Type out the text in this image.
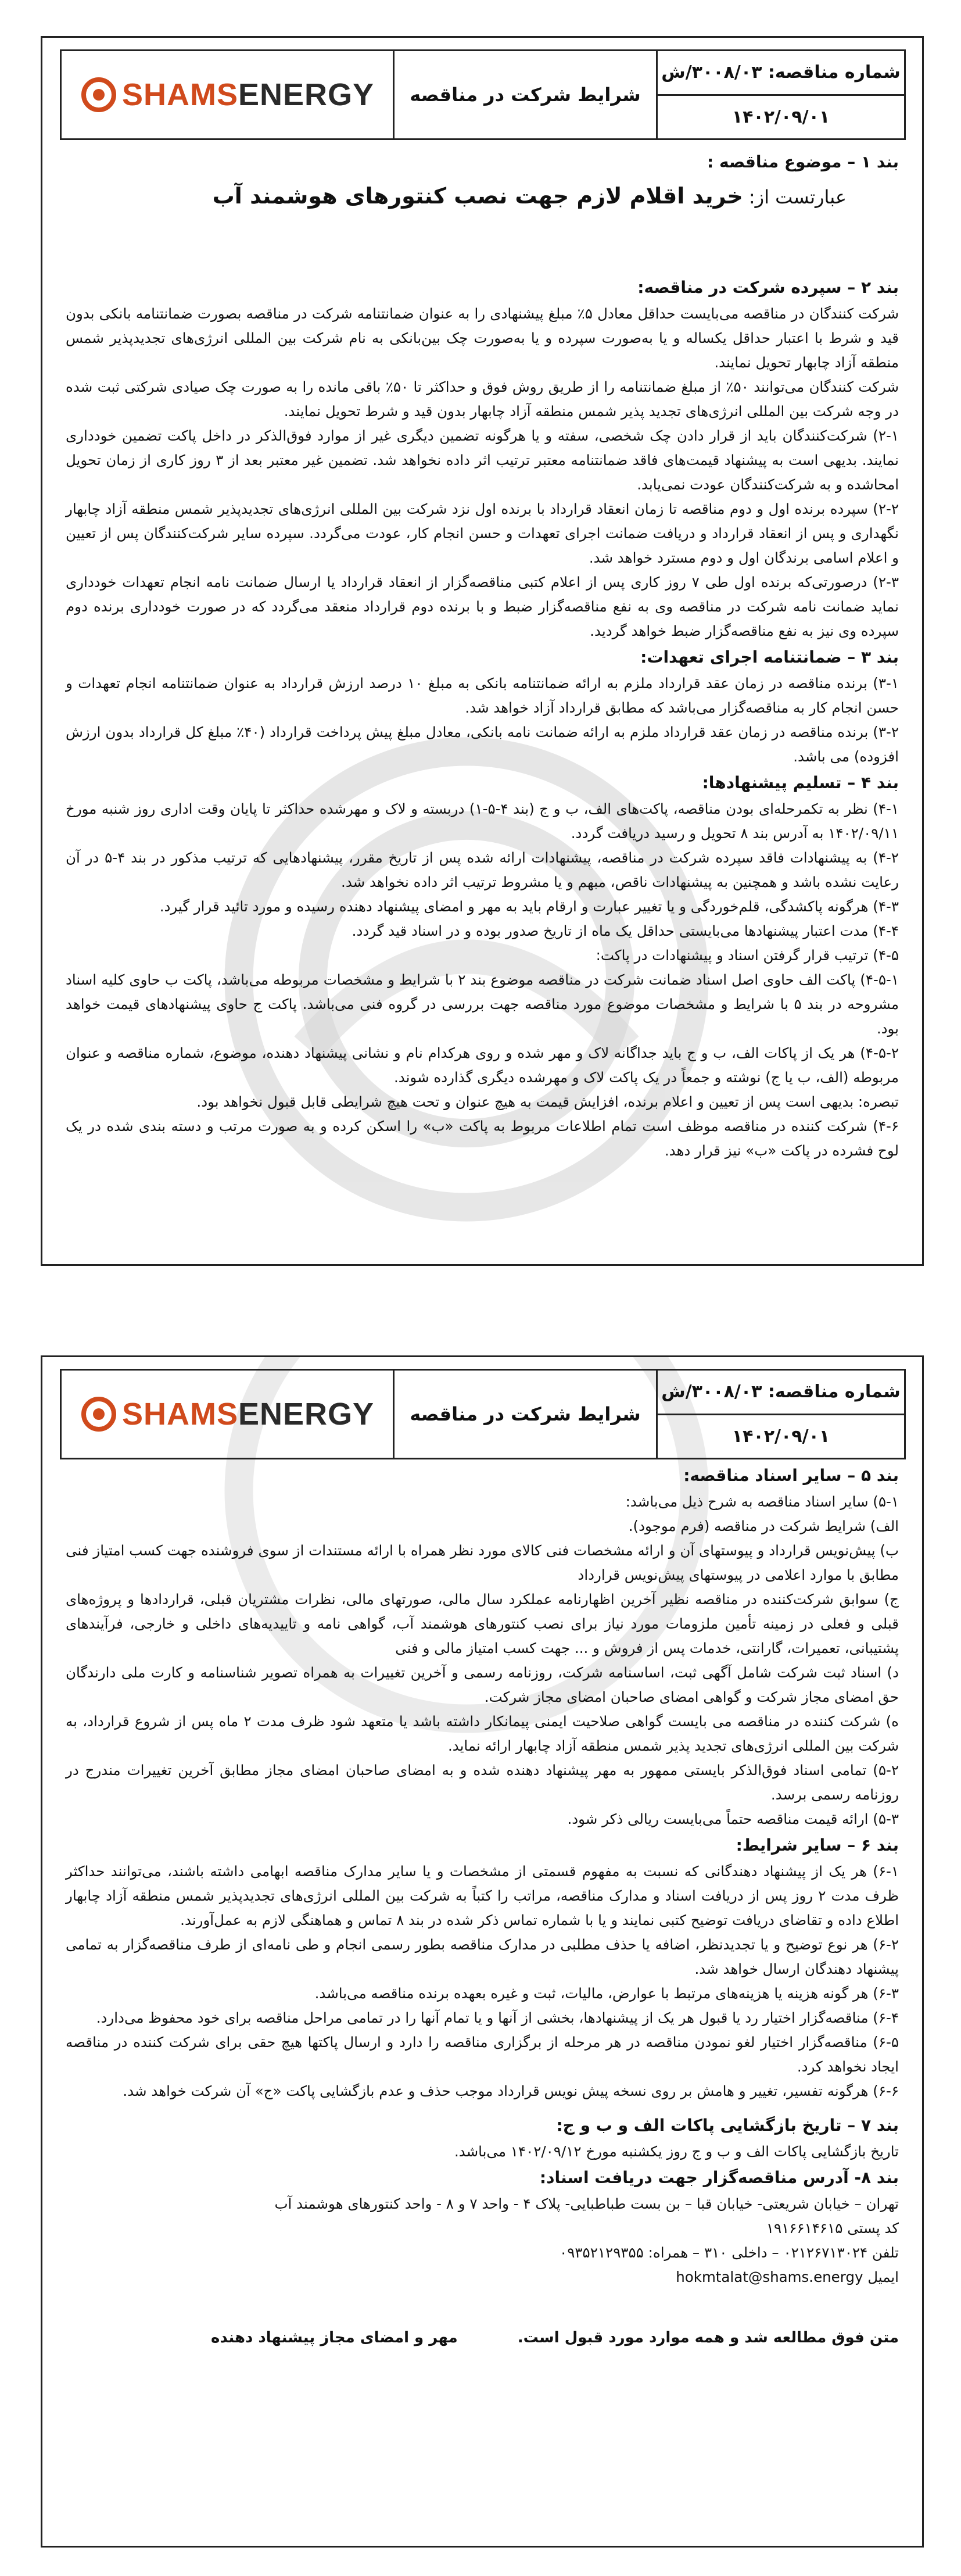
SHAMSENERGY	شرایط شرکت در مناقصه
شماره مناقصه: ۳۰۰۸/۰۳/ش
۱۴۰۲/۰۹/۰۱

بند ۱ – موضوع مناقصه :

عبارتست از: خرید اقلام لازم جهت نصب کنتورهای هوشمند آب

بند ۲ – سپرده شرکت در مناقصه:

شرکت کنندگان در مناقصه می‌بایست حداقل معادل ۵٪ مبلغ پیشنهادی را به عنوان ضمانتنامه شرکت در مناقصه بصورت ضمانتنامه بانکی بدون قید و شرط با اعتبار حداقل یکساله و یا به‌صورت سپرده و یا به‌صورت چک بین‌بانکی به نام شرکت بین المللی انرژی‌های تجدیدپذیر شمس منطقه آزاد چابهار تحویل نمایند.

شرکت کنندگان می‌توانند ۵۰٪ از مبلغ ضمانتنامه را از طریق روش فوق و حداکثر تا ۵۰٪ باقی مانده را به صورت چک صیادی شرکتی ثبت شده در وجه شرکت بین المللی انرژی‌های تجدید پذیر شمس منطقه آزاد چابهار بدون قید و شرط تحویل نمایند.

۲-۱) شرکت‌کنندگان باید از قرار دادن چک شخصی، سفته و یا هرگونه تضمین دیگری غیر از موارد فوق‌الذکر در داخل پاکت تضمین خودداری نمایند. بدیهی است به پیشنهاد قیمت‌های فاقد ضمانتنامه معتبر ترتیب اثر داده نخواهد شد. تضمین غیر معتبر بعد از ۳ روز کاری از زمان تحویل امحاشده و به شرکت‌کنندگان عودت نمی‌یابد.

۲-۲) سپرده برنده اول و دوم مناقصه تا زمان انعقاد قرارداد با برنده اول نزد شرکت بین المللی انرژی‌های تجدیدپذیر شمس منطقه آزاد چابهار نگهداری و پس از انعقاد قرارداد و دریافت ضمانت اجرای تعهدات و حسن انجام کار، عودت می‌گردد. سپرده سایر شرکت‌کنندگان پس از تعیین و اعلام اسامی برندگان اول و دوم مسترد خواهد شد.

۲-۳) درصورتی‌که برنده اول طی ۷ روز کاری پس از اعلام کتبی مناقصه‌گزار از انعقاد قرارداد یا ارسال ضمانت نامه انجام تعهدات خودداری نماید ضمانت نامه شرکت در مناقصه وی به نفع مناقصه‌گزار ضبط و با برنده دوم قرارداد منعقد می‌گردد که در صورت خودداری برنده دوم سپرده وی نیز به نفع مناقصه‌گزار ضبط خواهد گردید.

بند ۳ – ضمانتنامه اجرای تعهدات:

۳-۱) برنده مناقصه در زمان عقد قرارداد ملزم به ارائه ضمانتنامه بانکی به مبلغ ۱۰ درصد ارزش قرارداد به عنوان ضمانتنامه انجام تعهدات و حسن انجام کار به مناقصه‌گزار می‌باشد که مطابق قرارداد آزاد خواهد شد.

۳-۲) برنده مناقصه در زمان عقد قرارداد ملزم به ارائه ضمانت نامه بانکی، معادل مبلغ پیش پرداخت قرارداد (۴۰٪ مبلغ کل قرارداد بدون ارزش افزوده) می باشد.

بند ۴ – تسلیم پیشنهادها:

۴-۱) نظر به تکمرحله‌ای بودن مناقصه، پاکت‌های الف، ب و ج (بند ۴-۵-۱) دربسته و لاک و مهرشده حداکثر تا پایان وقت اداری روز شنبه مورخ ۱۴۰۲/۰۹/۱۱ به آدرس بند ۸ تحویل و رسید دریافت گردد.

۴-۲) به پیشنهادات فاقد سپرده شرکت در مناقصه، پیشنهادات ارائه شده پس از تاریخ مقرر، پیشنهادهایی که ترتیب مذکور در بند ۴-۵ در آن رعایت نشده باشد و همچنین به پیشنهادات ناقص، مبهم و یا مشروط ترتیب اثر داده نخواهد شد.

۴-۳) هرگونه پاکشدگی، قلم‌خوردگی و یا تغییر عبارت و ارقام باید به مهر و امضای پیشنهاد دهنده رسیده و مورد تائید قرار گیرد.

۴-۴) مدت اعتبار پیشنهادها می‌بایستی حداقل یک ماه از تاریخ صدور بوده و در اسناد قید گردد.

۴-۵) ترتیب قرار گرفتن اسناد و پیشنهادات در پاکت:

۴-۵-۱) پاکت الف حاوی اصل اسناد ضمانت شرکت در مناقصه موضوع بند ۲ با شرایط و مشخصات مربوطه می‌باشد، پاکت ب حاوی کلیه اسناد مشروحه در بند ۵ با شرایط و مشخصات موضوع مورد مناقصه جهت بررسی در گروه فنی می‌باشد. پاکت ج حاوی پیشنهادهای قیمت خواهد بود.

۴-۵-۲) هر یک از پاکات الف، ب و ج باید جداگانه لاک و مهر شده و روی هرکدام نام و نشانی پیشنهاد دهنده، موضوع، شماره مناقصه و عنوان مربوطه (الف، ب یا ج) نوشته و جمعاً در یک پاکت لاک و مهرشده دیگری گذارده شوند.

تبصره: بدیهی است پس از تعیین و اعلام برنده، افزایش قیمت به هیچ عنوان و تحت هیچ شرایطی قابل قبول نخواهد بود.

۴-۶) شرکت کننده در مناقصه موظف است تمام اطلاعات مربوط به پاکت «ب» را اسکن کرده و به صورت مرتب و دسته بندی شده در یک لوح فشرده در پاکت «ب» نیز قرار دهد.

SHAMSENERGY	شرایط شرکت در مناقصه
شماره مناقصه: ۳۰۰۸/۰۳/ش
۱۴۰۲/۰۹/۰۱

بند ۵ – سایر اسناد مناقصه:

۵-۱) سایر اسناد مناقصه به شرح ذیل می‌باشد:

الف) شرایط شرکت در مناقصه (فرم موجود).

ب) پیش‌نویس قرارداد و پیوستهای آن و ارائه مشخصات فنی کالای مورد نظر همراه با ارائه مستندات از سوی فروشنده جهت کسب امتیاز فنی مطابق با موارد اعلامی در پیوستهای پیش‌نویس قرارداد

ج) سوابق شرکت‌کننده در مناقصه نظیر آخرین اظهارنامه عملکرد سال مالی، صورتهای مالی، نظرات مشتریان قبلی، قراردادها و پروژه‌های قبلی و فعلی در زمینه تأمین ملزومات مورد نیاز برای نصب کنتورهای هوشمند آب، گواهی نامه و تاییدیه‌های داخلی و خارجی، فرآیندهای پشتیبانی، تعمیرات، گارانتی، خدمات پس از فروش و ... جهت کسب امتیاز مالی و فنی

د) اسناد ثبت شرکت شامل آگهی ثبت، اساسنامه شرکت، روزنامه رسمی و آخرین تغییرات به همراه تصویر شناسنامه و کارت ملی دارندگان حق امضای مجاز شرکت و گواهی امضای صاحبان امضای مجاز شرکت.

ه) شرکت کننده در مناقصه می بایست گواهی صلاحیت ایمنی پیمانکار داشته باشد یا متعهد شود ظرف مدت ۲ ماه پس از شروع قرارداد، به شرکت بین المللی انرژی‌های تجدید پذیر شمس منطقه آزاد چابهار ارائه نماید.

۵-۲) تمامی اسناد فوق‌الذکر بایستی ممهور به مهر پیشنهاد دهنده شده و به امضای صاحبان امضای مجاز مطابق آخرین تغییرات مندرج در روزنامه رسمی برسد.

۵-۳) ارائه قیمت مناقصه حتماً می‌بایست ریالی ذکر شود.

بند ۶ – سایر شرایط:

۶-۱) هر یک از پیشنهاد دهندگانی که نسبت به مفهوم قسمتی از مشخصات و یا سایر مدارک مناقصه ابهامی داشته باشند، می‌توانند حداکثر ظرف مدت ۲ روز پس از دریافت اسناد و مدارک مناقصه، مراتب را کتباً به شرکت بین المللی انرژی‌های تجدیدپذیر شمس منطقه آزاد چابهار اطلاع داده و تقاضای دریافت توضیح کتبی نمایند و یا با شماره تماس ذکر شده در بند ۸ تماس و هماهنگی لازم به عمل‌آورند.

۶-۲) هر نوع توضیح و یا تجدیدنظر، اضافه یا حذف مطلبی در مدارک مناقصه بطور رسمی انجام و طی نامه‌ای از طرف مناقصه‌گزار به تمامی پیشنهاد دهندگان ارسال خواهد شد.

۶-۳) هر گونه هزینه یا هزینه‌های مرتبط با عوارض، مالیات، ثبت و غیره بعهده برنده مناقصه می‌باشد.

۶-۴) مناقصه‌گزار اختیار رد یا قبول هر یک از پیشنهادها، بخشی از آنها و یا تمام آنها را در تمامی مراحل مناقصه برای خود محفوظ می‌دارد.

۶-۵) مناقصه‌گزار اختیار لغو نمودن مناقصه در هر مرحله از برگزاری مناقصه را دارد و ارسال پاکتها هیچ حقی برای شرکت کننده در مناقصه ایجاد نخواهد کرد.

۶-۶) هرگونه تفسیر، تغییر و هامش بر روی نسخه پیش نویس قرارداد موجب حذف و عدم بازگشایی پاکت «ج» آن شرکت خواهد شد.

بند ۷ – تاریخ بازگشایی پاکات الف و ب و ج:

تاریخ بازگشایی پاکات الف و ب و ج روز یکشنبه مورخ ۱۴۰۲/۰۹/۱۲ می‌باشد.

بند ۸- آدرس مناقصه‌گزار جهت دریافت اسناد:

تهران – خیابان شریعتی- خیابان قبا – بن بست طباطبایی- پلاک ۴ - واحد ۷ و ۸ - واحد کنتورهای هوشمند آب

کد پستی ۱۹۱۶۶۱۴۶۱۵

تلفن ۰۲۱۲۶۷۱۳۰۲۴ – داخلی ۳۱۰ – همراه: ۰۹۳۵۲۱۲۹۳۵۵

ایمیل hokmtalat@shams.energy

متن فوق مطالعه شد و همه موارد مورد قبول است.
مهر و امضای مجاز پیشنهاد دهنده
